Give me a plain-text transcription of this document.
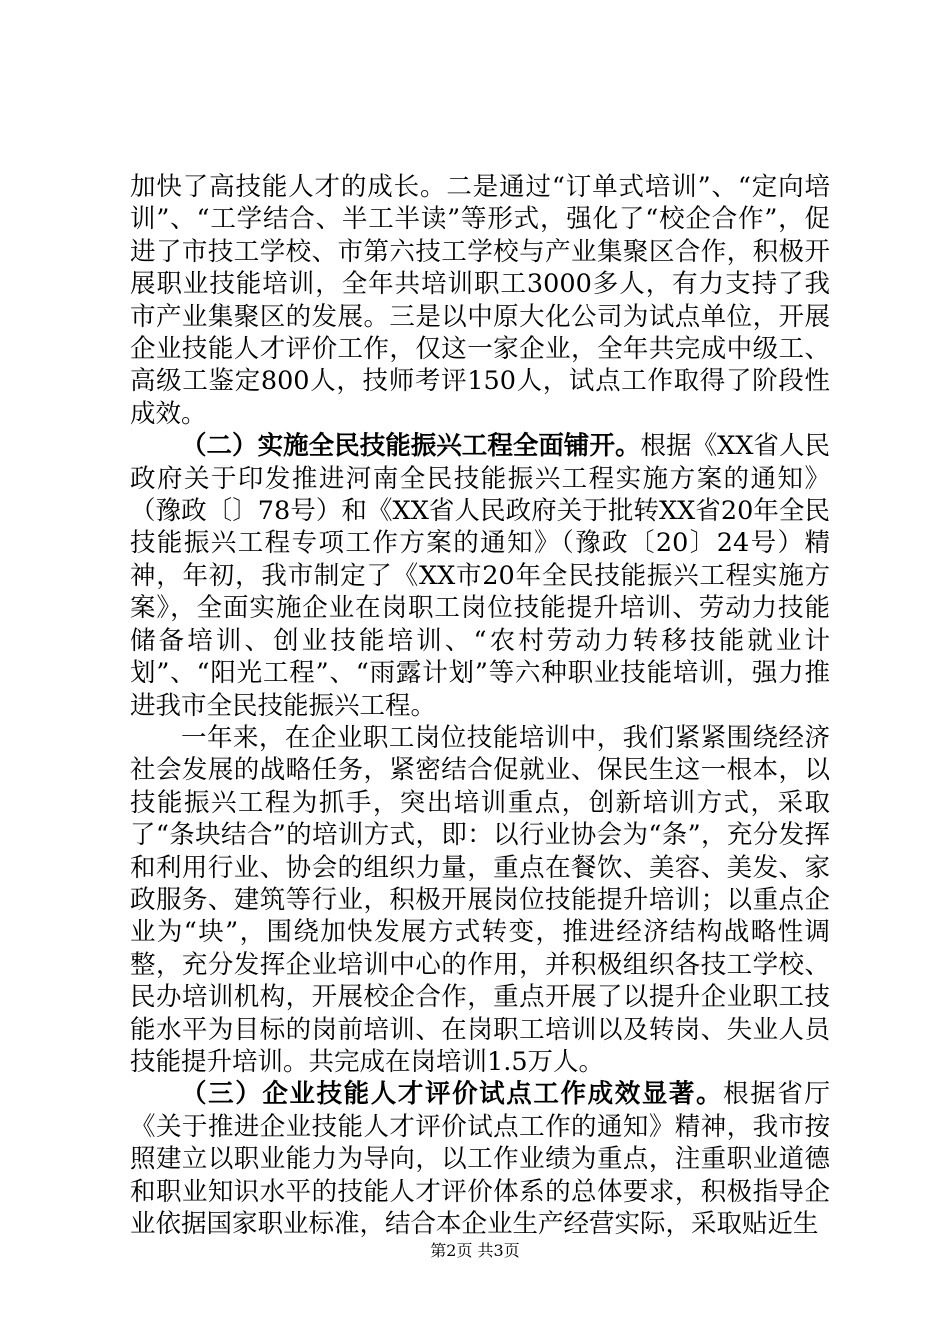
加快了高技能人才的成长。二是通过“订单式培训”、“定向培训”、“工学结合、半工半读”等形式，强化了“校企合作”，促进了市技工学校、市第六技工学校与产业集聚区合作，积极开展职业技能培训，全年共培训职工3000多人，有力支持了我市产业集聚区的发展。三是以中原大化公司为试点单位，开展企业技能人才评价工作，仅这一家企业，全年共完成中级工、高级工鉴定800人，技师考评150人，试点工作取得了阶段性成效。

（二）实施全民技能振兴工程全面铺开。根据《XX省人民政府关于印发推进河南全民技能振兴工程实施方案的通知》（豫政〔〕78号）和《XX省人民政府关于批转XX省20年全民技能振兴工程专项工作方案的通知》（豫政〔20〕24号）精神，年初，我市制定了《XX市20年全民技能振兴工程实施方案》，全面实施企业在岗职工岗位技能提升培训、劳动力技能储备培训、创业技能培训、“农村劳动力转移技能就业计划”、“阳光工程”、“雨露计划”等六种职业技能培训，强力推进我市全民技能振兴工程。

一年来，在企业职工岗位技能培训中，我们紧紧围绕经济社会发展的战略任务，紧密结合促就业、保民生这一根本，以技能振兴工程为抓手，突出培训重点，创新培训方式，采取了“条块结合”的培训方式，即：以行业协会为“条”，充分发挥和利用行业、协会的组织力量，重点在餐饮、美容、美发、家政服务、建筑等行业，积极开展岗位技能提升培训；以重点企业为“块”，围绕加快发展方式转变，推进经济结构战略性调整，充分发挥企业培训中心的作用，并积极组织各技工学校、民办培训机构，开展校企合作，重点开展了以提升企业职工技能水平为目标的岗前培训、在岗职工培训以及转岗、失业人员技能提升培训。共完成在岗培训1.5万人。

（三）企业技能人才评价试点工作成效显著。根据省厅《关于推进企业技能人才评价试点工作的通知》精神，我市按照建立以职业能力为导向，以工作业绩为重点，注重职业道德和职业知识水平的技能人才评价体系的总体要求，积极指导企业依据国家职业标准，结合本企业生产经营实际，采取贴近生

第2页 共3页
